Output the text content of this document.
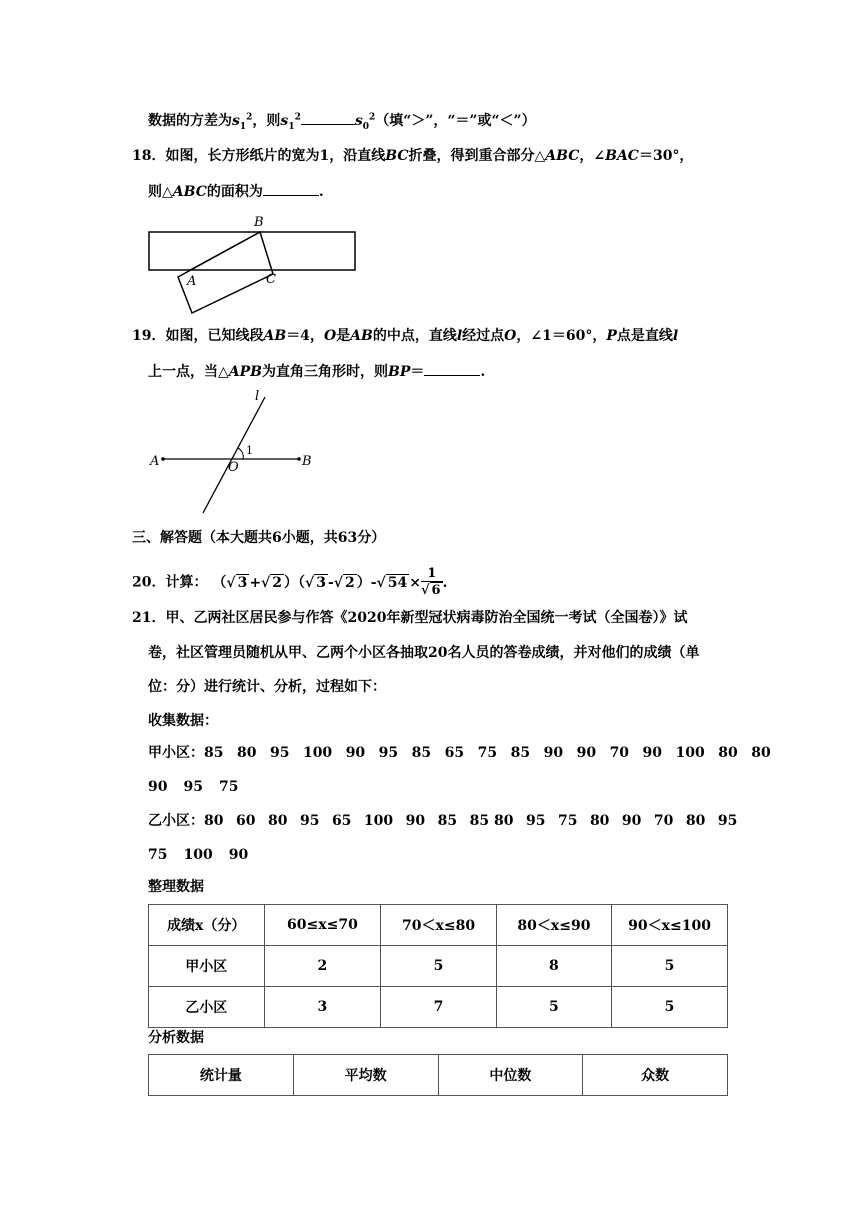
数据的方差为$s_1^2$，则$s_1^2$	$s_0^2$（填“＞”，“＝”或“＜”）
18．如图，长方形纸片的宽为1，沿直线BC折叠，得到重合部分△ABC，∠BAC＝30°，
则△ABC的面积为	.
A
B
C
19．如图，已知线段AB＝4，O是AB的中点，直线l经过点O，∠1＝60°，P点是直线l
上一点，当△APB为直角三角形时，则BP＝	.
A	B
O
l
1
三、解答题（本大题共6小题，共63分）
20．计算： （√ 3 +√ 2 ）（√ 3 -√ 2 ）-√ $54 \times \frac{1}{√ 6}$ .
21．甲、乙两社区居民参与作答《2020年新型冠状病毒防治全国统一考试（全国卷）》试
卷，社区管理员随机从甲、乙两个小区各抽取20名人员的答卷成绩，并对他们的成绩（单
位：分）进行统计、分析，过程如下：
收集数据：
甲小区：85 80 95 100 90 95 85 65 75 85 90 90 70 90 100 80 80
90 95 75
乙小区：80 60 80 95 65 100 90 85 85 80 95 75 80 90 70 80 95
75 100 90
整理数据
成绩x（分）	60≤x≤70	70＜x≤80	80＜x≤90	90＜x≤100
甲小区	2	5	8	5
乙小区	3	7	5	5
分析数据
统计量	平均数	中位数	众数
